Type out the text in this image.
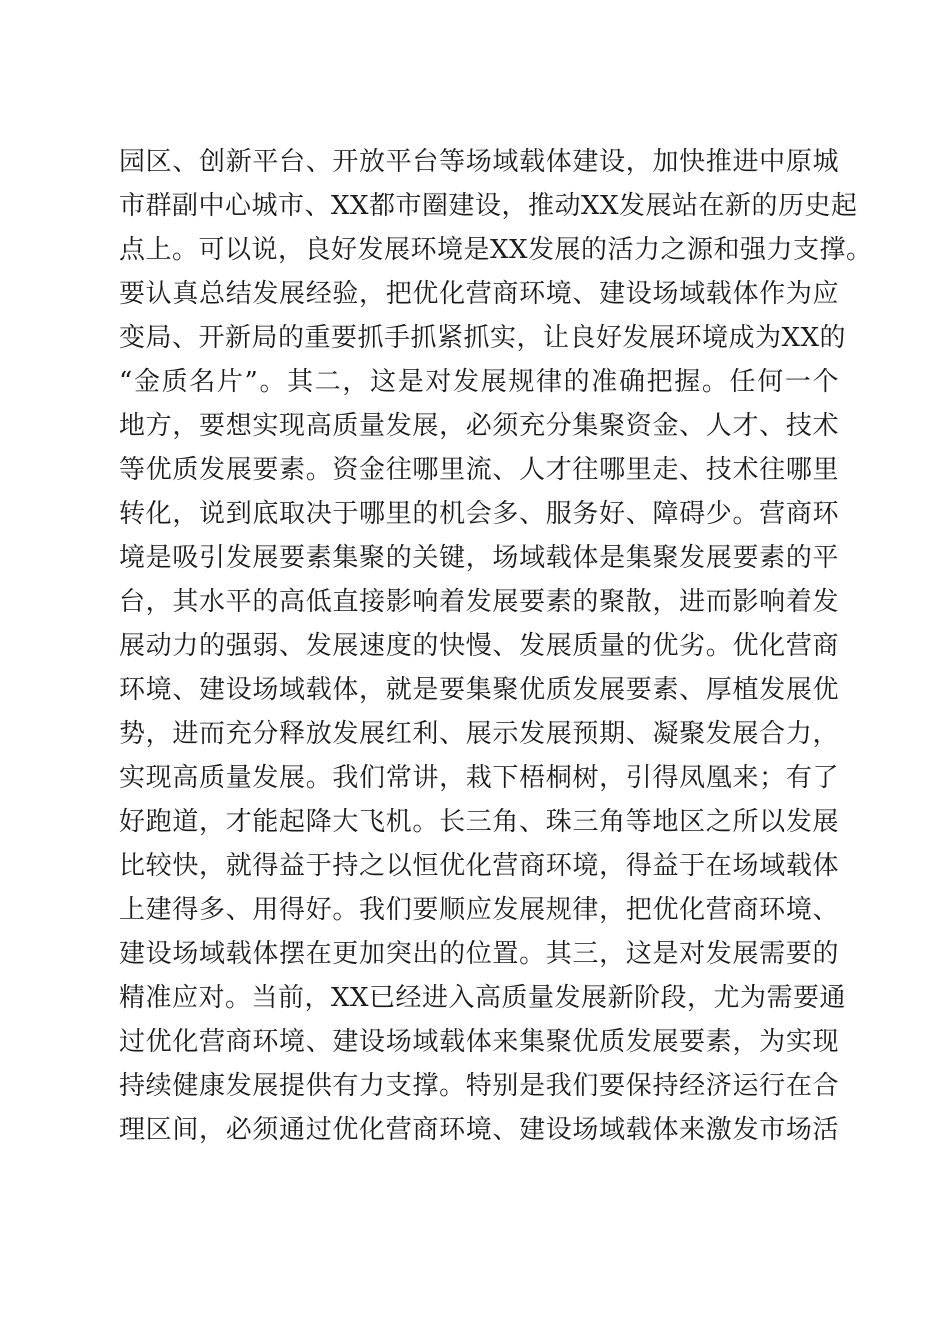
园区、创新平台、开放平台等场域载体建设，加快推进中原城
市群副中心城市、XX都市圈建设，推动XX发展站在新的历史起
点上。可以说，良好发展环境是XX发展的活力之源和强力支撑。
要认真总结发展经验，把优化营商环境、建设场域载体作为应
变局、开新局的重要抓手抓紧抓实，让良好发展环境成为XX的
“金质名片”。其二，这是对发展规律的准确把握。任何一个
地方，要想实现高质量发展，必须充分集聚资金、人才、技术
等优质发展要素。资金往哪里流、人才往哪里走、技术往哪里
转化，说到底取决于哪里的机会多、服务好、障碍少。营商环
境是吸引发展要素集聚的关键，场域载体是集聚发展要素的平
台，其水平的高低直接影响着发展要素的聚散，进而影响着发
展动力的强弱、发展速度的快慢、发展质量的优劣。优化营商
环境、建设场域载体，就是要集聚优质发展要素、厚植发展优
势，进而充分释放发展红利、展示发展预期、凝聚发展合力，
实现高质量发展。我们常讲，栽下梧桐树，引得凤凰来；有了
好跑道，才能起降大飞机。长三角、珠三角等地区之所以发展
比较快，就得益于持之以恒优化营商环境，得益于在场域载体
上建得多、用得好。我们要顺应发展规律，把优化营商环境、
建设场域载体摆在更加突出的位置。其三，这是对发展需要的
精准应对。当前，XX已经进入高质量发展新阶段，尤为需要通
过优化营商环境、建设场域载体来集聚优质发展要素，为实现
持续健康发展提供有力支撑。特别是我们要保持经济运行在合
理区间，必须通过优化营商环境、建设场域载体来激发市场活
